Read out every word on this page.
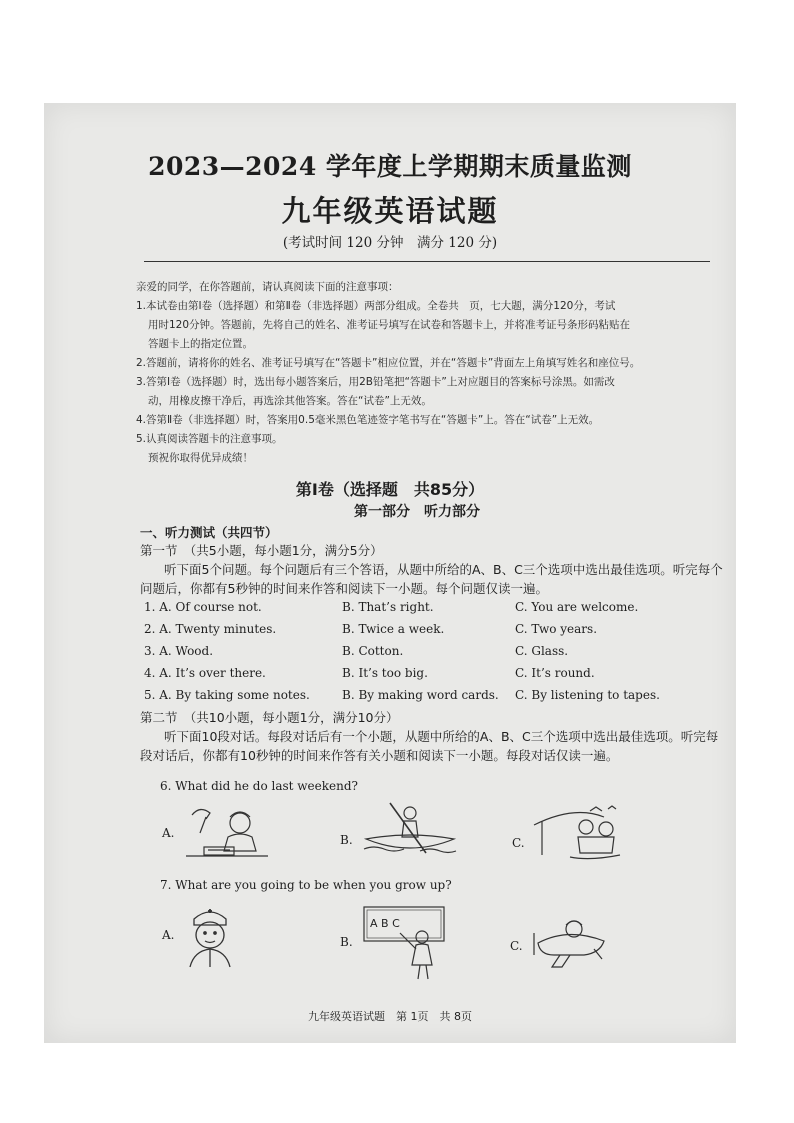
2023—2024 学年度上学期期末质量监测
九年级英语试题
(考试时间 120 分钟　满分 120 分)
亲爱的同学，在你答题前，请认真阅读下面的注意事项：
1.本试卷由第Ⅰ卷（选择题）和第Ⅱ卷（非选择题）两部分组成。全卷共　页，七大题，满分120分，考试
用时120分钟。答题前，先将自己的姓名、准考证号填写在试卷和答题卡上，并将准考证号条形码粘贴在
答题卡上的指定位置。
2.答题前，请将你的姓名、准考证号填写在“答题卡”相应位置，并在“答题卡”背面左上角填写姓名和座位号。
3.答第Ⅰ卷（选择题）时，选出每小题答案后，用2B铅笔把“答题卡”上对应题目的答案标号涂黑。如需改
动，用橡皮擦干净后，再选涂其他答案。答在“试卷”上无效。
4.答第Ⅱ卷（非选择题）时，答案用0.5毫米黑色笔迹签字笔书写在“答题卡”上。答在“试卷”上无效。
5.认真阅读答题卡的注意事项。
预祝你取得优异成绩！
第Ⅰ卷（选择题　共85分）
第一部分　听力部分
一、听力测试（共四节）
第一节　（共5小题，每小题1分，满分5分）
听下面5个问题。每个问题后有三个答语，从题中所给的A、B、C三个选项中选出最佳选项。听完每个问题后，你都有5秒钟的时间来作答和阅读下一小题。每个问题仅读一遍。
1. A. Of course not.	B. That’s right.	C. You are welcome.
2. A. Twenty minutes.	B. Twice a week.	C. Two years.
3. A. Wood.	B. Cotton.	C. Glass.
4. A. It’s over there.	B. It’s too big.	C. It’s round.
5. A. By taking some notes.	B. By making word cards. C. By listening to tapes.
第二节　（共10小题，每小题1分，满分10分）
听下面10段对话。每段对话后有一个小题，从题中所给的A、B、C三个选项中选出最佳选项。听完每段对话后，你都有10秒钟的时间来作答有关小题和阅读下一小题。每段对话仅读一遍。
6. What did he do last weekend?
A.	B.	C.
7. What are you going to be when you grow up?
A.	B.	C.
A B C
九年级英语试题　第 1页　共 8页
